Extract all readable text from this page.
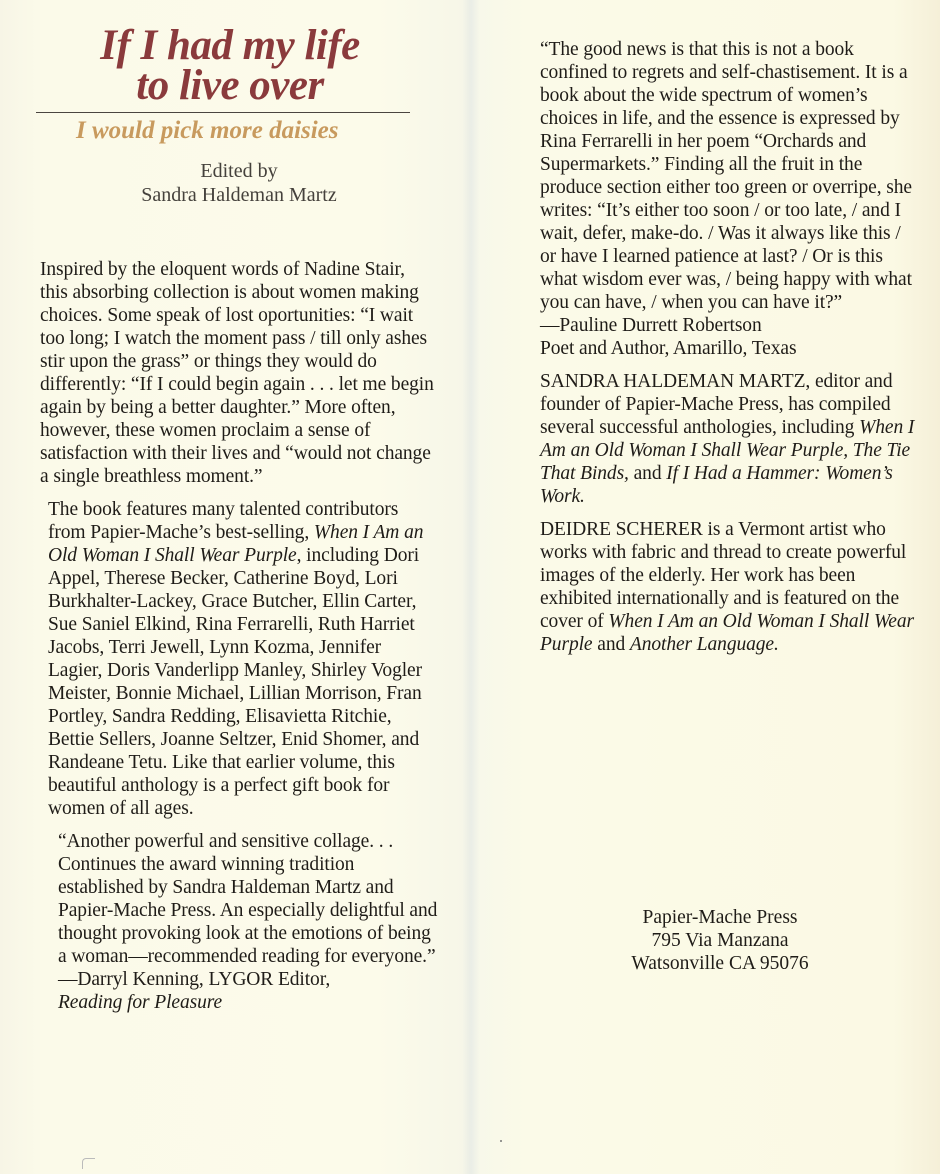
If I had my life
to live over
I would pick more daisies
Edited by
Sandra Haldeman Martz

Inspired by the eloquent words of Nadine Stair, this absorbing collection is about women making choices. Some speak of lost oportunities: “I wait too long; I watch the moment pass / till only ashes stir upon the grass” or things they would do differently: “If I could begin again . . . let me begin again by being a better daughter.” More often, however, these women proclaim a sense of satisfaction with their lives and “would not change a single breathless moment.”

The book features many talented contributors from Papier-Mache’s best-selling, When I Am an Old Woman I Shall Wear Purple, including Dori Appel, Therese Becker, Catherine Boyd, Lori Burkhalter-Lackey, Grace Butcher, Ellin Carter, Sue Saniel Elkind, Rina Ferrarelli, Ruth Harriet Jacobs, Terri Jewell, Lynn Kozma, Jennifer Lagier, Doris Vanderlipp Manley, Shirley Vogler Meister, Bonnie Michael, Lillian Morrison, Fran Portley, Sandra Redding, Elisavietta Ritchie, Bettie Sellers, Joanne Seltzer, Enid Shomer, and Randeane Tetu. Like that earlier volume, this beautiful anthology is a perfect gift book for women of all ages.

“Another powerful and sensitive collage. . . Continues the award winning tradition established by Sandra Haldeman Martz and Papier-Mache Press. An especially delightful and thought provoking look at the emotions of being a woman—recommended reading for everyone.”
—Darryl Kenning, LYGOR Editor,
Reading for Pleasure

“The good news is that this is not a book confined to regrets and self-chastisement. It is a book about the wide spectrum of women’s choices in life, and the essence is expressed by Rina Ferrarelli in her poem “Orchards and Supermarkets.” Finding all the fruit in the produce section either too green or overripe, she writes: “It’s either too soon / or too late, / and I wait, defer, make-do. / Was it always like this / or have I learned patience at last? / Or is this what wisdom ever was, / being happy with what you can have, / when you can have it?”
—Pauline Durrett Robertson
Poet and Author, Amarillo, Texas

SANDRA HALDEMAN MARTZ, editor and founder of Papier-Mache Press, has compiled several successful anthologies, including When I Am an Old Woman I Shall Wear Purple, The Tie That Binds, and If I Had a Hammer: Women’s Work.

DEIDRE SCHERER is a Vermont artist who works with fabric and thread to create powerful images of the elderly. Her work has been exhibited internationally and is featured on the cover of When I Am an Old Woman I Shall Wear Purple and Another Language.

Papier-Mache Press
795 Via Manzana
Watsonville CA 95076
